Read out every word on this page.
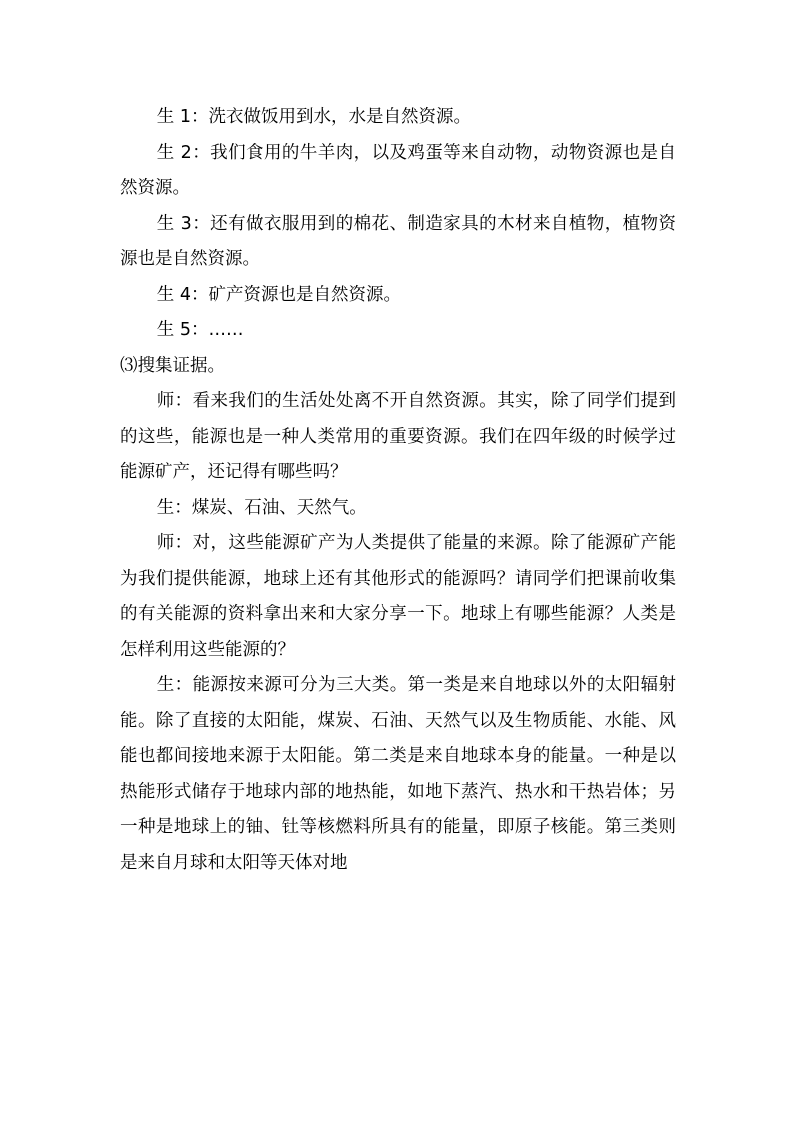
生 1：洗衣做饭用到水，水是自然资源。

生 2：我们食用的牛羊肉，以及鸡蛋等来自动物，动物资源也是自然资源。

生 3：还有做衣服用到的棉花、制造家具的木材来自植物，植物资源也是自然资源。

生 4：矿产资源也是自然资源。

生 5：……

⑶搜集证据。

师：看来我们的生活处处离不开自然资源。其实，除了同学们提到的这些，能源也是一种人类常用的重要资源。我们在四年级的时候学过能源矿产，还记得有哪些吗？

生：煤炭、石油、天然气。

师：对，这些能源矿产为人类提供了能量的来源。除了能源矿产能为我们提供能源，地球上还有其他形式的能源吗？请同学们把课前收集的有关能源的资料拿出来和大家分享一下。地球上有哪些能源？人类是怎样利用这些能源的？

生：能源按来源可分为三大类。第一类是来自地球以外的太阳辐射能。除了直接的太阳能，煤炭、石油、天然气以及生物质能、水能、风能也都间接地来源于太阳能。第二类是来自地球本身的能量。一种是以热能形式储存于地球内部的地热能，如地下蒸汽、热水和干热岩体；另一种是地球上的铀、钍等核燃料所具有的能量，即原子核能。第三类则是来自月球和太阳等天体对地
